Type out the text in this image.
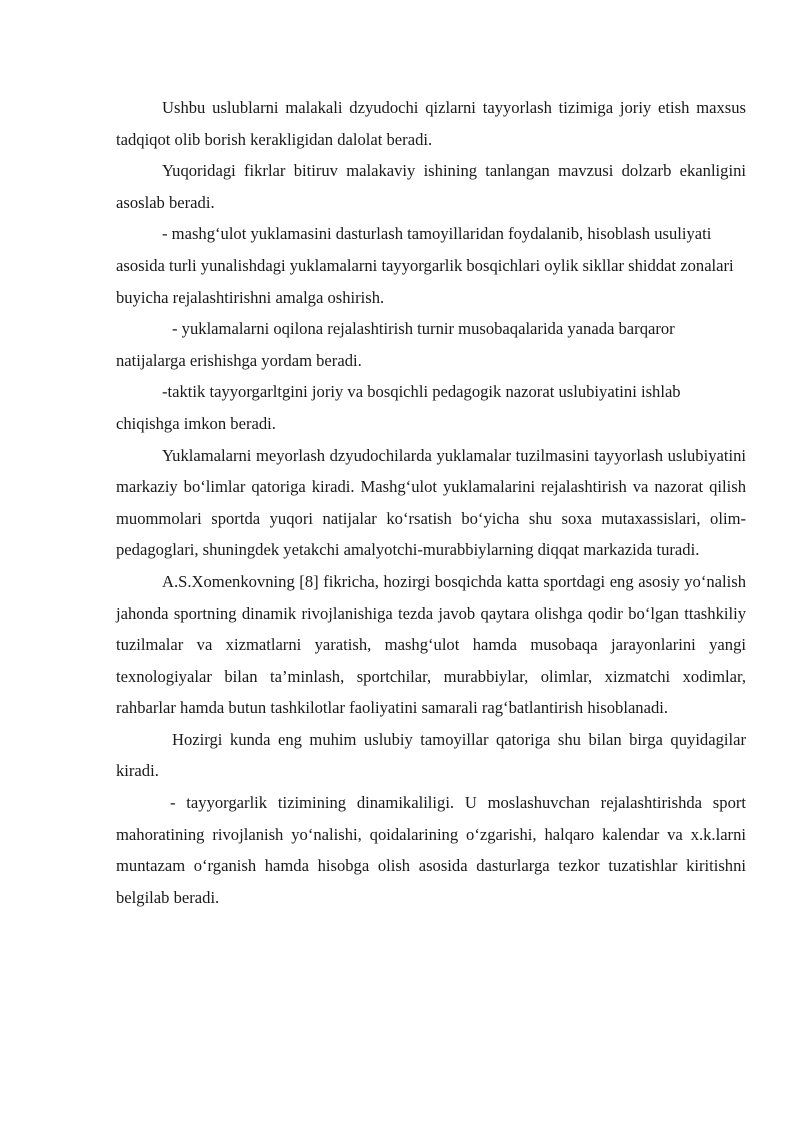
Ushbu uslublarni malakali dzyudochi qizlarni tayyorlash tizimiga joriy etish maxsus tadqiqot olib borish kerakligidan dalolat beradi.

Yuqoridagi fikrlar bitiruv malakaviy ishining tanlangan mavzusi dolzarb ekanligini asoslab beradi.

- mashg‘ulot yuklamasini dasturlash tamoyillaridan foydalanib, hisoblash usuliyati asosida turli yunalishdagi yuklamalarni tayyorgarlik bosqichlari oylik sikllar shiddat zonalari buyicha rejalashtirishni amalga oshirish.

- yuklamalarni oqilona rejalashtirish turnir musobaqalarida yanada barqaror natijalarga erishishga yordam beradi.

-taktik tayyorgarltgini joriy va bosqichli pedagogik nazorat uslubiyatini ishlab chiqishga imkon beradi.

Yuklamalarni meyorlash dzyudochilarda yuklamalar tuzilmasini tayyorlash uslubiyatini markaziy bo‘limlar qatoriga kiradi. Mashg‘ulot yuklamalarini rejalashtirish va nazorat qilish muommolari sportda yuqori natijalar ko‘rsatish bo‘yicha shu soxa mutaxassislari, olim-pedagoglari, shuningdek yetakchi amalyotchi-murabbiylarning diqqat markazida turadi.

A.S.Xomenkovning [8] fikricha, hozirgi bosqichda katta sportdagi eng asosiy yo‘nalish jahonda sportning dinamik rivojlanishiga tezda javob qaytara olishga qodir bo‘lgan ttashkiliy tuzilmalar va xizmatlarni yaratish, mashg‘ulot hamda musobaqa jarayonlarini yangi texnologiyalar bilan ta’minlash, sportchilar, murabbiylar, olimlar, xizmatchi xodimlar, rahbarlar hamda butun tashkilotlar faoliyatini samarali rag‘batlantirish hisoblanadi.

Hozirgi kunda eng muhim uslubiy tamoyillar qatoriga shu bilan birga quyidagilar kiradi.

- tayyorgarlik tizimining dinamikaliligi. U moslashuvchan rejalashtirishda sport mahoratining rivojlanish yo‘nalishi, qoidalarining o‘zgarishi, halqaro kalendar va x.k.larni muntazam o‘rganish hamda hisobga olish asosida dasturlarga tezkor tuzatishlar kiritishni belgilab beradi.
